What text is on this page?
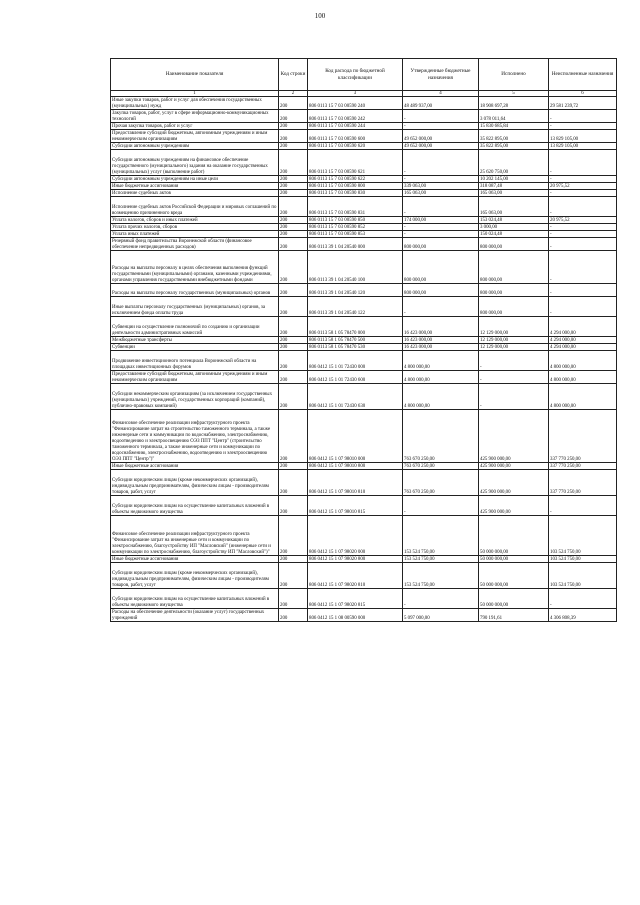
100
Наименование показателя	Код строки	Код расхода по бюджетной классификации	Утвержденные бюджетные назначения	Исполнено	Неисполненные назначения
1	2	3	4	5	6
Иные закупки товаров, работ и услуг для обеспечения государственных (муниципальных) нужд	200	806 0113 15 7 03 00590 240	48 489 937,00	18 908 697,28	29 581 239,72
Закупка товаров, работ, услуг в сфере информационно-коммуникационных технологий	200	806 0113 15 7 03 00590 242	-	3 078 011,64	-
Прочая закупка товаров, работ и услуг	200	806 0113 15 7 03 00590 244	-	15 830 685,84	-
Предоставление субсидий бюджетным, автономным учреждениям и иным некоммерческим организациям	200	806 0113 15 7 03 00590 600	49 652 000,00	35 822 895,00	13 829 105,00
Субсидии автономным учреждениям	200	806 0113 15 7 03 00590 620	49 652 000,00	35 822 895,00	13 829 105,00
Субсидии автономным учреждениям на финансовое обеспечение государственного (муниципального) задания на оказание государственных (муниципальных) услуг (выполнение работ)	200	806 0113 15 7 03 00590 621	-	25 620 750,00	-
Субсидии автономным учреждениям на иные цели	200	806 0113 15 7 03 00590 622	-	10 202 145,00	-
Иные бюджетные ассигнования	200	806 0113 15 7 03 00590 800	339 063,00	318 087,48	20 975,52
Исполнение судебных актов	200	806 0113 15 7 03 00590 830	165 063,00	165 063,00	-
Исполнение судебных актов Российской Федерации и мировых соглашений по возмещению причиненного вреда	200	806 0113 15 7 03 00590 831	-	165 063,00	-
Уплата налогов, сборов и иных платежей	200	806 0113 15 7 03 00590 850	174 000,00	153 024,48	20 975,52
Уплата прочих налогов, сборов	200	806 0113 15 7 03 00590 852	-	3 000,00	-
Уплата иных платежей	200	806 0113 15 7 03 00590 853	-	150 024,48	-
Резервный фонд правительства Воронежской области (финансовое обеспечение непредвиденных расходов)	200	806 0113 39 1 04 20540 000	800 000,00	800 000,00	-
Расходы на выплаты персоналу в целях обеспечения выполнения функций государственными (муниципальными) органами, казенными учреждениями, органами управления государственными внебюджетными фондами	200	806 0113 39 1 04 20540 100	800 000,00	800 000,00	-
Расходы на выплаты персоналу государственных (муниципальных) органов	200	806 0113 39 1 04 20540 120	800 000,00	800 000,00	-
Иные выплаты персоналу государственных (муниципальных) органов, за исключением фонда оплаты труда	200	806 0113 39 1 04 20540 122	-	800 000,00	-
Субвенции на осуществление полномочий по созданию и организации деятельности административных комиссий	200	806 0113 58 1 05 78470 000	16 423 000,00	12 129 000,00	4 294 000,00
Межбюджетные трансферты	200	806 0113 58 1 05 78470 500	16 423 000,00	12 129 000,00	4 294 000,00
Субвенции	200	806 0113 58 1 05 78470 530	16 423 000,00	12 129 000,00	4 294 000,00
Продвижение инвестиционного потенциала Воронежской области на площадках инвестиционных форумов	200	806 0412 15 1 01 72430 000	4 800 000,00	-	4 800 000,00
Предоставление субсидий бюджетным, автономным учреждениям и иным некоммерческим организациям	200	806 0412 15 1 01 72430 600	4 800 000,00	-	4 800 000,00
Субсидии некоммерческим организациям (за исключением государственных (муниципальных) учреждений, государственных корпораций (компаний), публично-правовых компаний)	200	806 0412 15 1 01 72430 630	4 800 000,00	-	4 800 000,00
Финансовое обеспечение реализации инфраструктурного проекта "Финансирование затрат на строительство таможенного терминала, а также инженерные сети и коммуникации по водоснабжению, электроснабжению, водоотведению и электроосвещению ОЭЗ ППТ "Центр" (строительство таможенного терминала, а также инженерные сети и коммуникации по водоснабжению, электроснабжению, водоотведению и электроосвещению ОЭЗ ППТ "Центр")"	200	806 0412 15 1 07 98010 000	763 670 250,00	425 900 000,00	337 770 250,00
Иные бюджетные ассигнования	200	806 0412 15 1 07 98010 800	763 670 250,00	425 900 000,00	337 770 250,00
Субсидии юридическим лицам (кроме некоммерческих организаций), индивидуальным предпринимателям, физическим лицам - производителям товаров, работ, услуг	200	806 0412 15 1 07 98010 810	763 670 250,00	425 900 000,00	337 770 250,00
Субсидии юридическим лицам на осуществление капитальных вложений в объекты недвижимого имущества	200	806 0412 15 1 07 98010 815	-	425 900 000,00	-
Финансовое обеспечение реализации инфраструктурного проекта "Финансирование затрат на инженерные сети и коммуникации по электроснабжению, благоустройству ИП "Масловский" (инженерные сети и коммуникации по электроснабжению, благоустройству ИП "Масловский")"	200	806 0412 15 1 07 98020 000	153 524 750,00	50 000 000,00	103 524 750,00
Иные бюджетные ассигнования	200	806 0412 15 1 07 98020 800	153 524 750,00	50 000 000,00	103 524 750,00
Субсидии юридическим лицам (кроме некоммерческих организаций), индивидуальным предпринимателям, физическим лицам - производителям товаров, работ, услуг	200	806 0412 15 1 07 98020 810	153 524 750,00	50 000 000,00	103 524 750,00
Субсидии юридическим лицам на осуществление капитальных вложений в объекты недвижимого имущества	200	806 0412 15 1 07 98020 815	-	50 000 000,00	-
Расходы на обеспечение деятельности (оказание услуг) государственных учреждений	200	806 0412 15 1 08 00590 000	5 097 000,00	790 191,61	4 306 808,39
